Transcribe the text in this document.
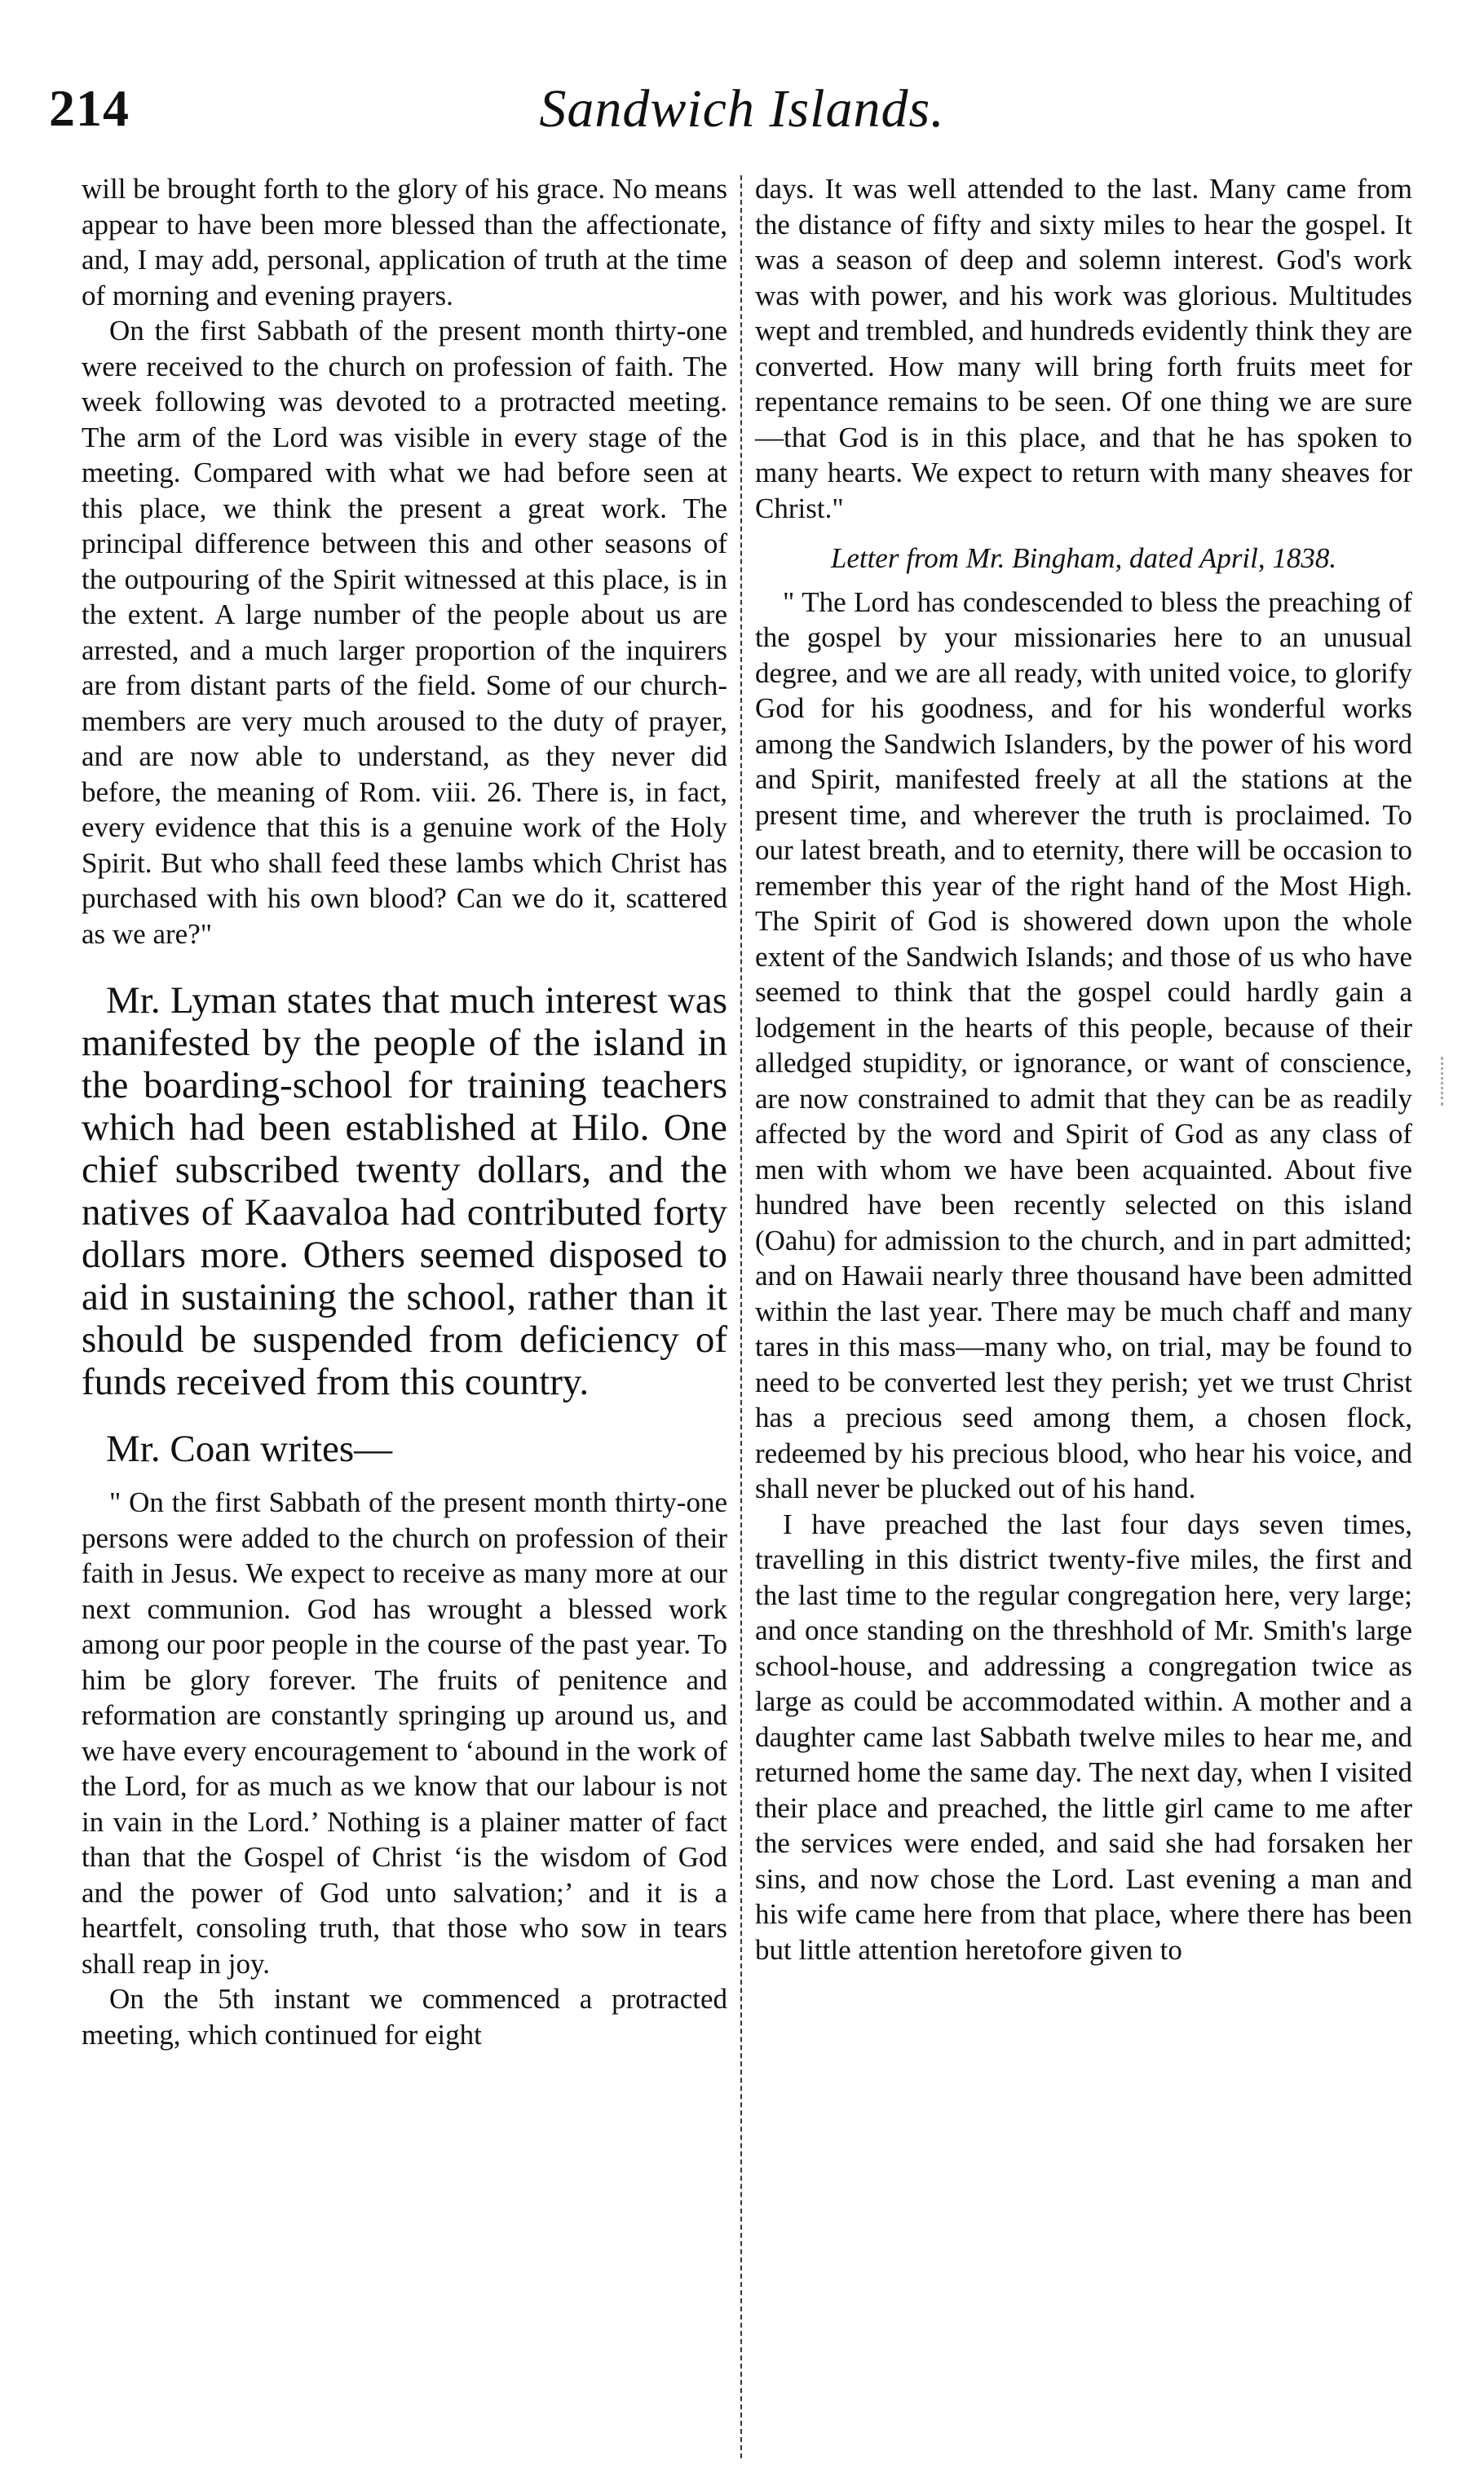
214	Sandwich Islands.

will be brought forth to the glory of his grace. No means appear to have been more blessed than the affectionate, and, I may add, personal, application of truth at the time of morning and evening prayers.

On the first Sabbath of the present month thirty-one were received to the church on profession of faith. The week following was devoted to a protracted meeting. The arm of the Lord was visible in every stage of the meeting. Compared with what we had before seen at this place, we think the present a great work. The principal difference between this and other seasons of the outpouring of the Spirit witnessed at this place, is in the extent. A large number of the people about us are arrested, and a much larger proportion of the inquirers are from distant parts of the field. Some of our church-members are very much aroused to the duty of prayer, and are now able to understand, as they never did before, the meaning of Rom. viii. 26. There is, in fact, every evidence that this is a genuine work of the Holy Spirit. But who shall feed these lambs which Christ has purchased with his own blood? Can we do it, scattered as we are?"

Mr. Lyman states that much interest was manifested by the people of the island in the boarding-school for training teachers which had been established at Hilo. One chief subscribed twenty dollars, and the natives of Kaavaloa had contributed forty dollars more. Others seemed disposed to aid in sustaining the school, rather than it should be suspended from deficiency of funds received from this country.

Mr. Coan writes—

" On the first Sabbath of the present month thirty-one persons were added to the church on profession of their faith in Jesus. We expect to receive as many more at our next communion. God has wrought a blessed work among our poor people in the course of the past year. To him be glory forever. The fruits of penitence and reformation are constantly springing up around us, and we have every encouragement to ‘abound in the work of the Lord, for as much as we know that our labour is not in vain in the Lord.’ Nothing is a plainer matter of fact than that the Gospel of Christ ‘is the wisdom of God and the power of God unto salvation;’ and it is a heartfelt, consoling truth, that those who sow in tears shall reap in joy.

On the 5th instant we commenced a protracted meeting, which continued for eight

days. It was well attended to the last. Many came from the distance of fifty and sixty miles to hear the gospel. It was a season of deep and solemn interest. God's work was with power, and his work was glorious. Multitudes wept and trembled, and hundreds evidently think they are converted. How many will bring forth fruits meet for repentance remains to be seen. Of one thing we are sure—that God is in this place, and that he has spoken to many hearts. We expect to return with many sheaves for Christ."

Letter from Mr. Bingham, dated April, 1838.

" The Lord has condescended to bless the preaching of the gospel by your missionaries here to an unusual degree, and we are all ready, with united voice, to glorify God for his goodness, and for his wonderful works among the Sandwich Islanders, by the power of his word and Spirit, manifested freely at all the stations at the present time, and wherever the truth is proclaimed. To our latest breath, and to eternity, there will be occasion to remember this year of the right hand of the Most High. The Spirit of God is showered down upon the whole extent of the Sandwich Islands; and those of us who have seemed to think that the gospel could hardly gain a lodgement in the hearts of this people, because of their alledged stupidity, or ignorance, or want of conscience, are now constrained to admit that they can be as readily affected by the word and Spirit of God as any class of men with whom we have been acquainted. About five hundred have been recently selected on this island (Oahu) for admission to the church, and in part admitted; and on Hawaii nearly three thousand have been admitted within the last year. There may be much chaff and many tares in this mass—many who, on trial, may be found to need to be converted lest they perish; yet we trust Christ has a precious seed among them, a chosen flock, redeemed by his precious blood, who hear his voice, and shall never be plucked out of his hand.

I have preached the last four days seven times, travelling in this district twenty-five miles, the first and the last time to the regular congregation here, very large; and once standing on the threshhold of Mr. Smith's large school-house, and addressing a congregation twice as large as could be accommodated within. A mother and a daughter came last Sabbath twelve miles to hear me, and returned home the same day. The next day, when I visited their place and preached, the little girl came to me after the services were ended, and said she had forsaken her sins, and now chose the Lord. Last evening a man and his wife came here from that place, where there has been but little attention heretofore given to
